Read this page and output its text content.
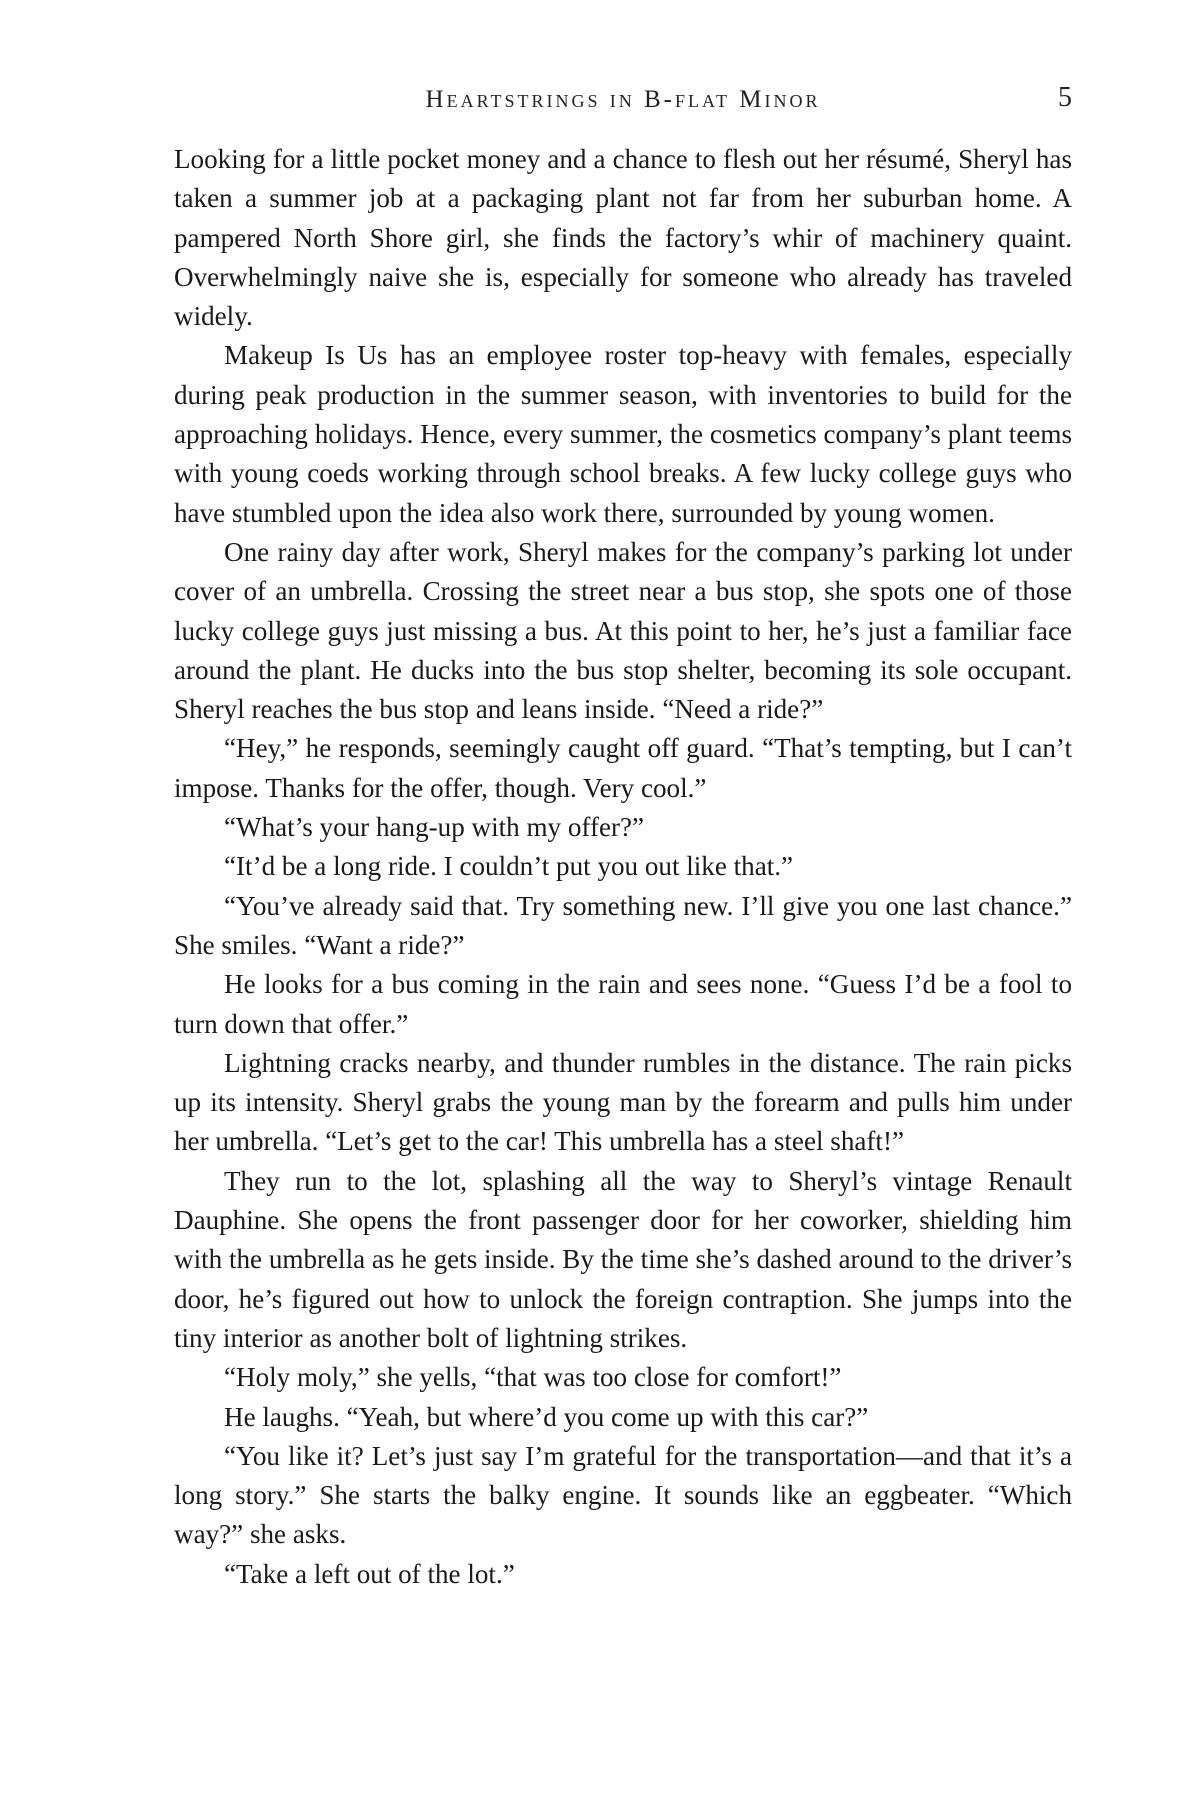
Heartstrings in B-flat Minor	5

Looking for a little pocket money and a chance to flesh out her résumé, Sheryl has taken a summer job at a packaging plant not far from her suburban home. A pampered North Shore girl, she finds the factory’s whir of machinery quaint. Overwhelmingly naive she is, especially for someone who already has traveled widely.

Makeup Is Us has an employee roster top-heavy with females, especially during peak production in the summer season, with inventories to build for the approaching holidays. Hence, every summer, the cosmetics company’s plant teems with young coeds working through school breaks. A few lucky college guys who have stumbled upon the idea also work there, surrounded by young women.

One rainy day after work, Sheryl makes for the company’s parking lot under cover of an umbrella. Crossing the street near a bus stop, she spots one of those lucky college guys just missing a bus. At this point to her, he’s just a familiar face around the plant. He ducks into the bus stop shelter, becoming its sole occupant. Sheryl reaches the bus stop and leans inside. “Need a ride?”

“Hey,” he responds, seemingly caught off guard. “That’s tempting, but I can’t impose. Thanks for the offer, though. Very cool.”

“What’s your hang-up with my offer?”

“It’d be a long ride. I couldn’t put you out like that.”

“You’ve already said that. Try something new. I’ll give you one last chance.” She smiles. “Want a ride?”

He looks for a bus coming in the rain and sees none. “Guess I’d be a fool to turn down that offer.”

Lightning cracks nearby, and thunder rumbles in the distance. The rain picks up its intensity. Sheryl grabs the young man by the forearm and pulls him under her umbrella. “Let’s get to the car! This umbrella has a steel shaft!”

They run to the lot, splashing all the way to Sheryl’s vintage Renault Dauphine. She opens the front passenger door for her coworker, shielding him with the umbrella as he gets inside. By the time she’s dashed around to the driver’s door, he’s figured out how to unlock the foreign contraption. She jumps into the tiny interior as another bolt of lightning strikes.

“Holy moly,” she yells, “that was too close for comfort!”

He laughs. “Yeah, but where’d you come up with this car?”

“You like it? Let’s just say I’m grateful for the transportation—and that it’s a long story.” She starts the balky engine. It sounds like an eggbeater. “Which way?” she asks.

“Take a left out of the lot.”
